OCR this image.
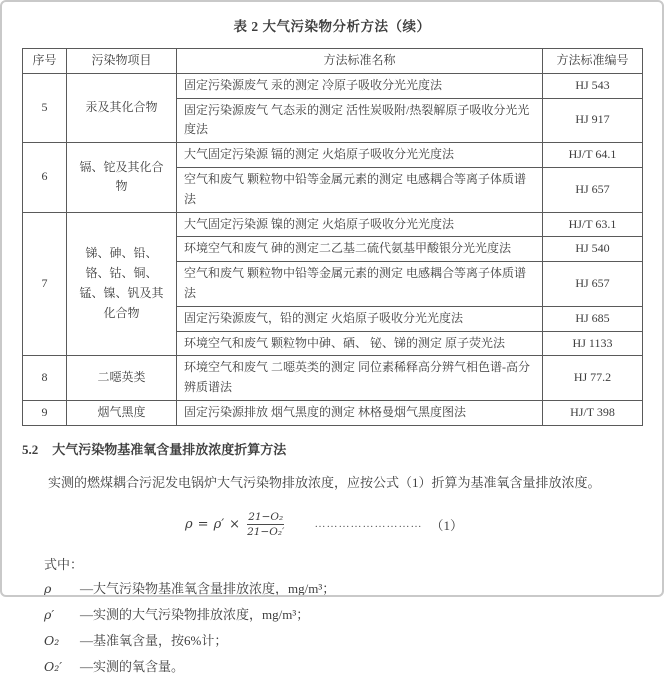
表 2 大气污染物分析方法（续）
序号	污染物项目	方法标准名称	方法标准编号
5	汞及其化合物	固定污染源废气 汞的测定 冷原子吸收分光光度法	HJ 543
		固定污染源废气 气态汞的测定 活性炭吸附/热裂解原子吸收分光光度法	HJ 917
6	镉、铊及其化合物	大气固定污染源 镉的测定 火焰原子吸收分光光度法	HJ/T 64.1
		空气和废气 颗粒物中铅等金属元素的测定 电感耦合等离子体质谱法	HJ 657
7	锑、砷、铅、铬、钴、铜、锰、镍、钒及其化合物	大气固定污染源 镍的测定 火焰原子吸收分光光度法	HJ/T 63.1
		环境空气和废气 砷的测定二乙基二硫代氨基甲酸银分光光度法	HJ 540
		空气和废气 颗粒物中铅等金属元素的测定 电感耦合等离子体质谱法	HJ 657
		固定污染源废气，铅的测定 火焰原子吸收分光光度法	HJ 685
		环境空气和废气 颗粒物中砷、硒、 铋、锑的测定 原子荧光法	HJ 1133
8	二噁英类	环境空气和废气 二噁英类的测定 同位素稀释高分辨气相色谱-高分辨质谱法	HJ 77.2
9	烟气黑度	固定污染源排放 烟气黑度的测定 林格曼烟气黑度图法	HJ/T 398
5.2 大气污染物基准氧含量排放浓度折算方法
实测的燃煤耦合污泥发电锅炉大气污染物排放浓度，应按公式（1）折算为基准氧含量排放浓度。
$\rho = \rho' \times \frac{\text{21−O₂}}{\text{21−O₂′}}$	……………………… （1）
式中：
ρ	—大气污染物基准氧含量排放浓度，mg/m³；
ρ′	—实测的大气污染物排放浓度，mg/m³；
O₂	—基准氧含量，按6%计；
O₂′	—实测的氧含量。
